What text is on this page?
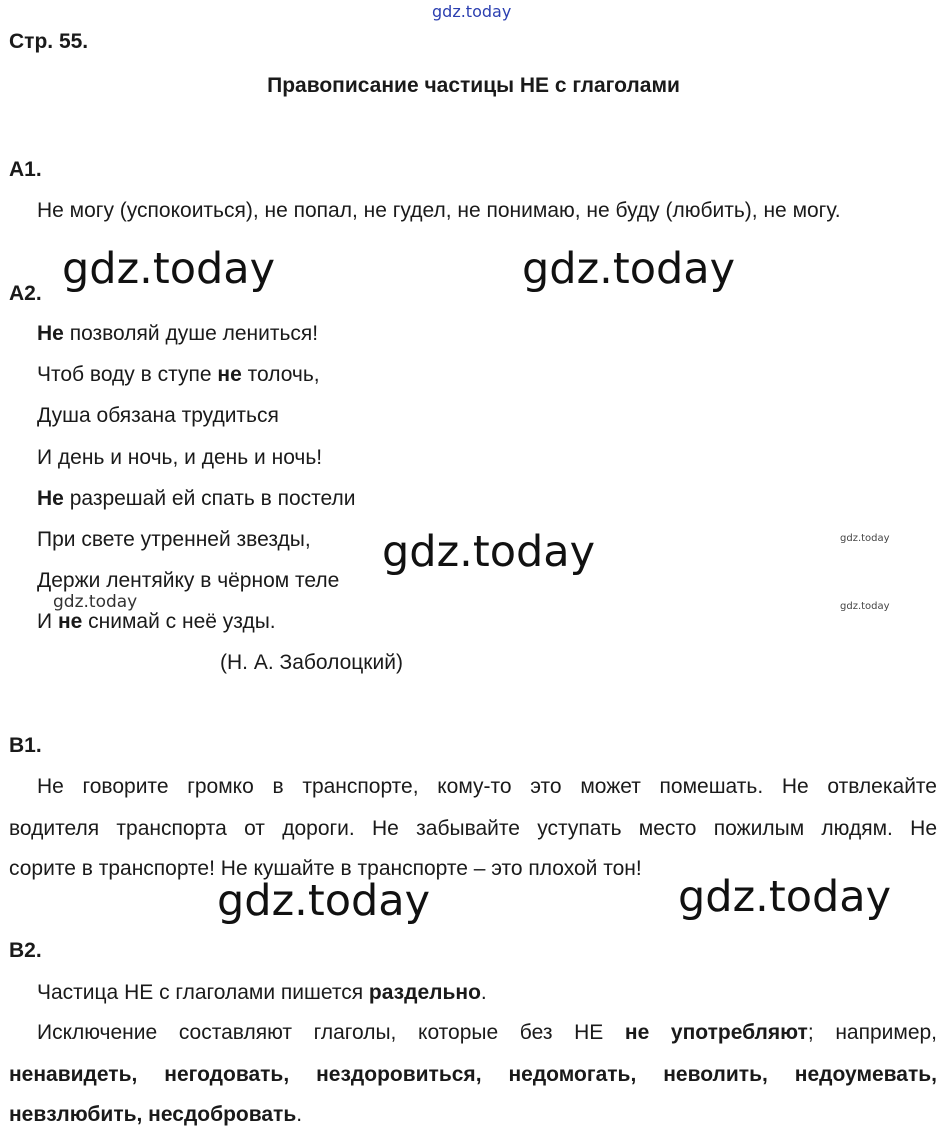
gdz.today
gdz.today	gdz.today
gdz.today
gdz.today	gdz.today
gdz.today
gdz.today
gdz.today
Стр. 55.
Правописание частицы НЕ с глаголами
А1.
Не могу (успокоиться), не попал, не гудел, не понимаю, не буду (любить), не могу.
А2.
Не позволяй душе лениться!
Чтоб воду в ступе не толочь,
Душа обязана трудиться
И день и ночь, и день и ночь!
Не разрешай ей спать в постели
При свете утренней звезды,
Держи лентяйку в чёрном теле
И не снимай с неё узды.
(Н. А. Заболоцкий)
В1.
Не говорите громко в транспорте, кому-то это может помешать. Не отвлекайте
водителя транспорта от дороги. Не забывайте уступать место пожилым людям. Не
сорите в транспорте! Не кушайте в транспорте – это плохой тон!
В2.
Частица НЕ с глаголами пишется раздельно.
Исключение составляют глаголы, которые без НЕ не употребляют; например,
ненавидеть, негодовать, нездоровиться, недомогать, неволить, недоумевать,
невзлюбить, несдобровать.
